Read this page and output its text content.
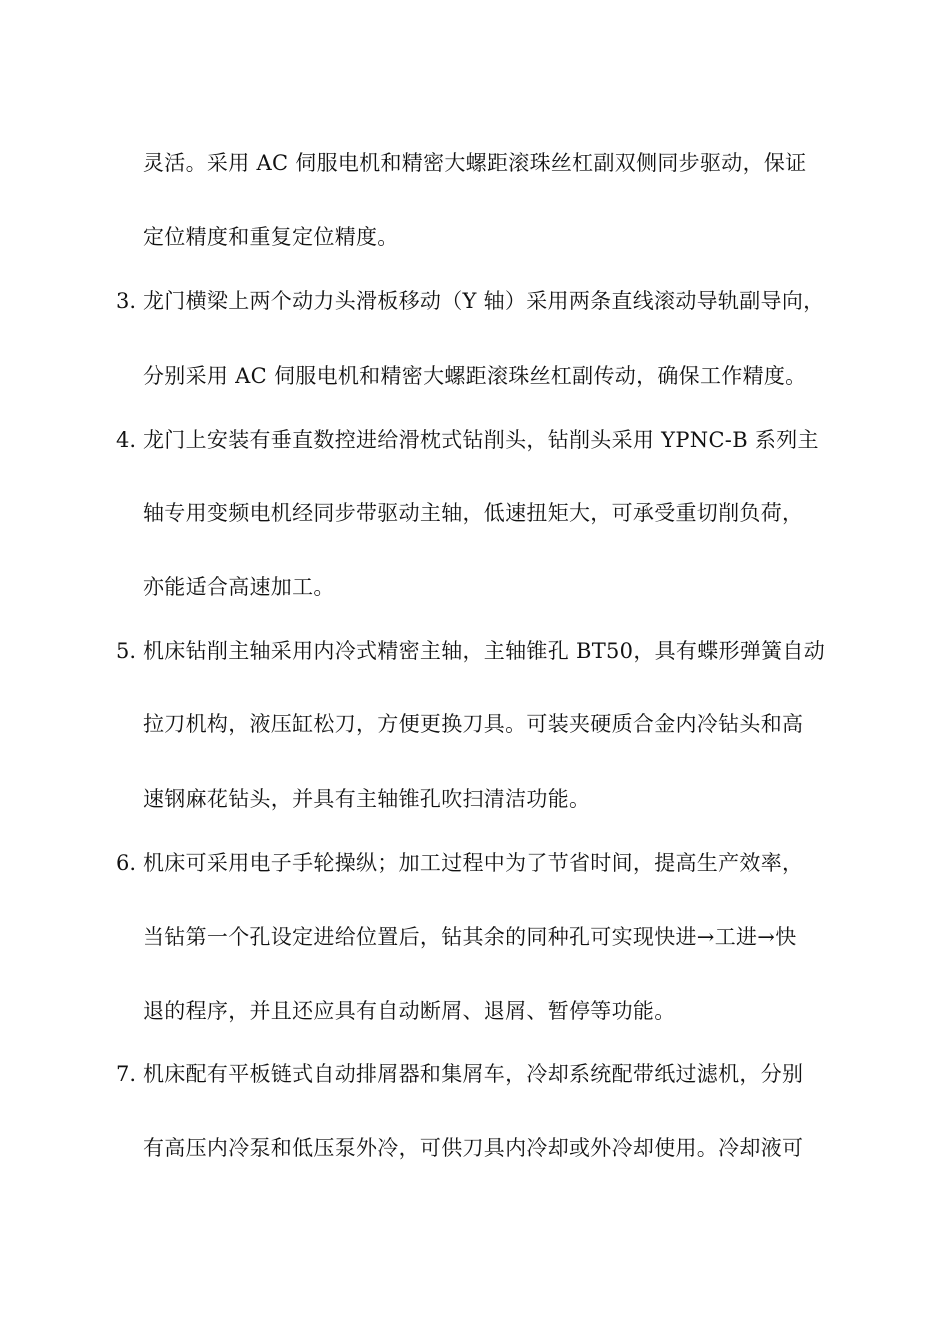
灵活。采用 AC 伺服电机和精密大螺距滚珠丝杠副双侧同步驱动，保证
定位精度和重复定位精度。
3. 龙门横梁上两个动力头滑板移动（Y 轴）采用两条直线滚动导轨副导向，
分别采用 AC 伺服电机和精密大螺距滚珠丝杠副传动，确保工作精度。
4. 龙门上安装有垂直数控进给滑枕式钻削头，钻削头采用 YPNC-B 系列主
轴专用变频电机经同步带驱动主轴，低速扭矩大，可承受重切削负荷，
亦能适合高速加工。
5. 机床钻削主轴采用内冷式精密主轴，主轴锥孔 BT50，具有蝶形弹簧自动
拉刀机构，液压缸松刀，方便更换刀具。可装夹硬质合金内冷钻头和高
速钢麻花钻头，并具有主轴锥孔吹扫清洁功能。
6. 机床可采用电子手轮操纵；加工过程中为了节省时间，提高生产效率，
当钻第一个孔设定进给位置后，钻其余的同种孔可实现快进→工进→快
退的程序，并且还应具有自动断屑、退屑、暂停等功能。
7. 机床配有平板链式自动排屑器和集屑车，冷却系统配带纸过滤机，分别
有高压内冷泵和低压泵外冷，可供刀具内冷却或外冷却使用。冷却液可
